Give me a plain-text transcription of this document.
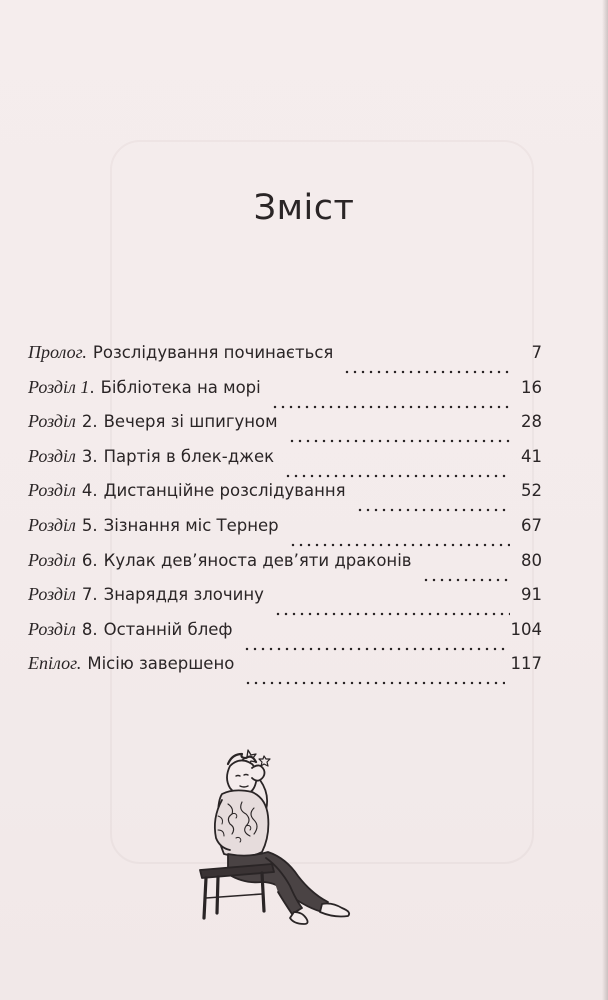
Зміст
Пролог. Розслідування починається	7
Розділ 1 . Бібліотека на морі	16
Розділ 2 . Вечеря зі шпигуном	28
Розділ 3 . Партія в блек-джек	41
Розділ 4 . Дистанційне розслідування	52
Розділ 5 . Зізнання міс Тернер	67
Розділ 6 . Кулак дев’яноста дев’яти драконів	80
Розділ 7 . Знаряддя злочину	91
Розділ 8 . Останній блеф	104
Епілог. Місію завершено	117
